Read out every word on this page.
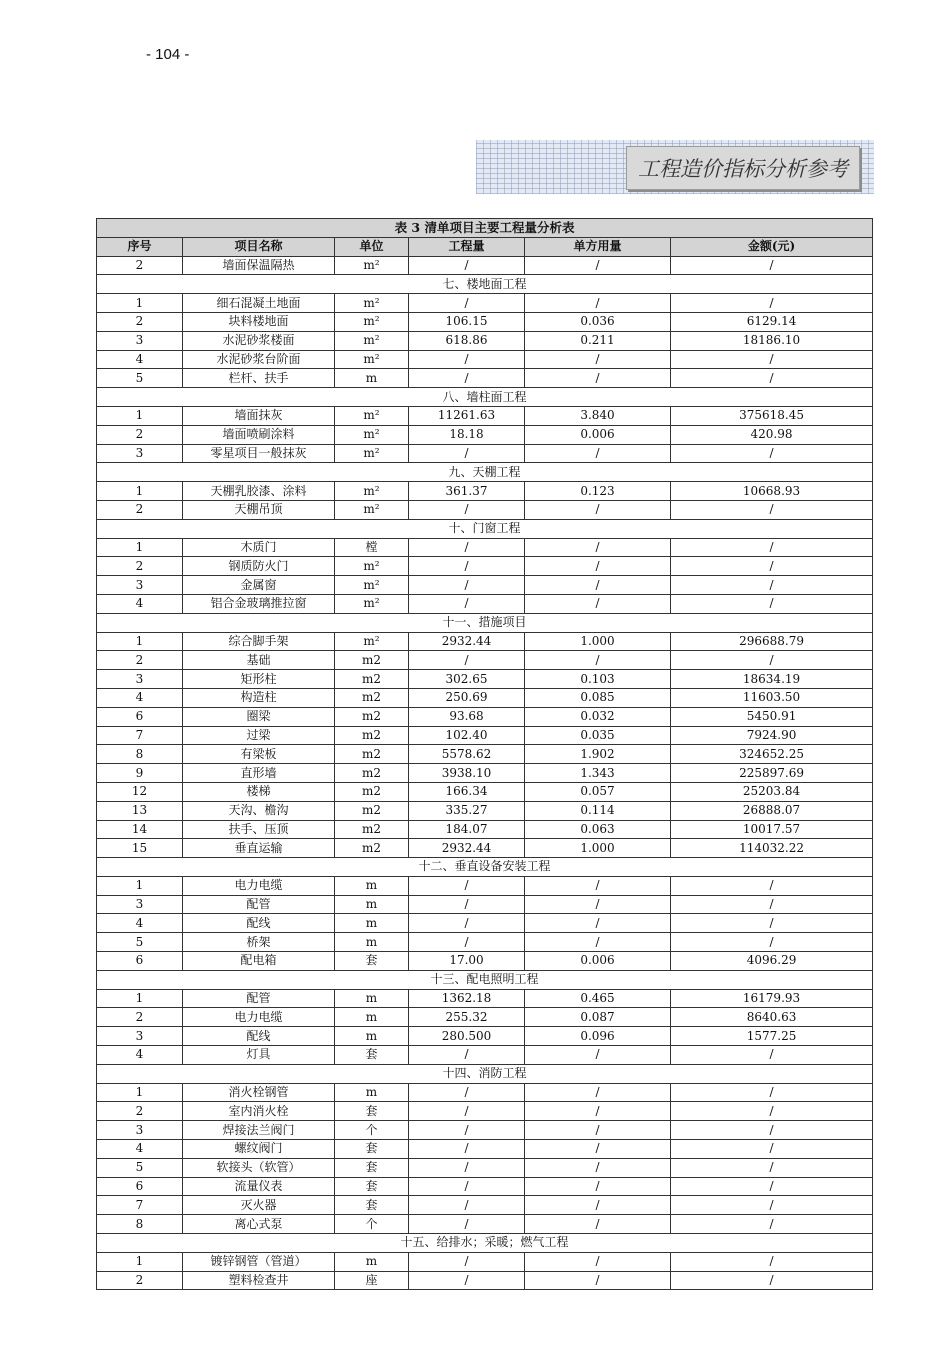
- 104 -
工程造价指标分析参考
表 3 清单项目主要工程量分析表					
序号	项目名称	单位	工程量	单方用量	金额(元)
2	墙面保温隔热	m²	/	/	/
七、楼地面工程					
1	细石混凝土地面	m²	/	/	/
2	块料楼地面	m²	106.15	0.036	6129.14
3	水泥砂浆楼面	m²	618.86	0.211	18186.10
4	水泥砂浆台阶面	m²	/	/	/
5	栏杆、扶手	m	/	/	/
八、墙柱面工程					
1	墙面抹灰	m²	11261.63	3.840	375618.45
2	墙面喷刷涂料	m²	18.18	0.006	420.98
3	零星项目一般抹灰	m²	/	/	/
九、天棚工程					
1	天棚乳胶漆、涂料	m²	361.37	0.123	10668.93
2	天棚吊顶	m²	/	/	/
十、门窗工程					
1	木质门	樘	/	/	/
2	钢质防火门	m²	/	/	/
3	金属窗	m²	/	/	/
4	铝合金玻璃推拉窗	m²	/	/	/
十一、措施项目					
1	综合脚手架	m²	2932.44	1.000	296688.79
2	基础	m2	/	/	/
3	矩形柱	m2	302.65	0.103	18634.19
4	构造柱	m2	250.69	0.085	11603.50
6	圈梁	m2	93.68	0.032	5450.91
7	过梁	m2	102.40	0.035	7924.90
8	有梁板	m2	5578.62	1.902	324652.25
9	直形墙	m2	3938.10	1.343	225897.69
12	楼梯	m2	166.34	0.057	25203.84
13	天沟、檐沟	m2	335.27	0.114	26888.07
14	扶手、压顶	m2	184.07	0.063	10017.57
15	垂直运输	m2	2932.44	1.000	114032.22
十二、垂直设备安装工程					
1	电力电缆	m	/	/	/
3	配管	m	/	/	/
4	配线	m	/	/	/
5	桥架	m	/	/	/
6	配电箱	套	17.00	0.006	4096.29
十三、配电照明工程					
1	配管	m	1362.18	0.465	16179.93
2	电力电缆	m	255.32	0.087	8640.63
3	配线	m	280.500	0.096	1577.25
4	灯具	套	/	/	/
十四、消防工程					
1	消火栓钢管	m	/	/	/
2	室内消火栓	套	/	/	/
3	焊接法兰阀门	个	/	/	/
4	螺纹阀门	套	/	/	/
5	软接头（软管）	套	/	/	/
6	流量仪表	套	/	/	/
7	灭火器	套	/	/	/
8	离心式泵	个	/	/	/
十五、给排水；采暖；燃气工程					
1	镀锌钢管（管道）	m	/	/	/
2	塑料检查井	座	/	/	/
